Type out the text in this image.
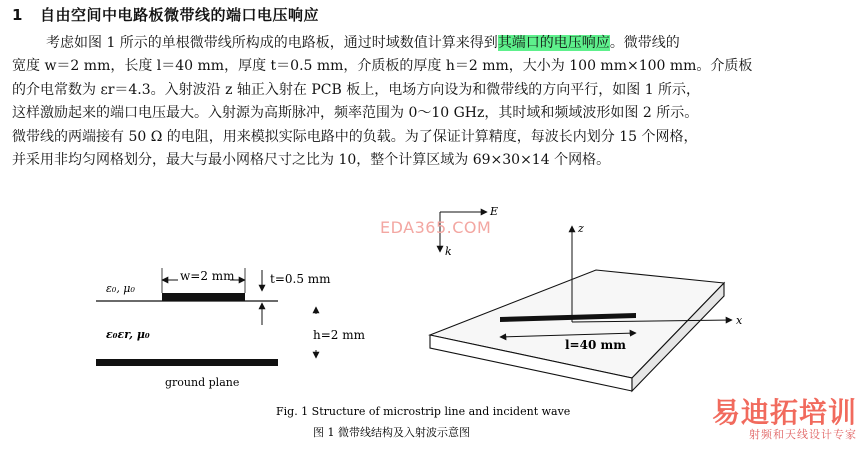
1 自由空间中电路板微带线的端口电压响应
考虑如图 1 所示的单根微带线所构成的电路板，通过时域数值计算来得到其端口的电压响应。微带线的
宽度 w＝2 mm，长度 l＝40 mm，厚度 t＝0.5 mm，介质板的厚度 h＝2 mm，大小为 100 mm×100 mm。介质板
的介电常数为 εr＝4.3。入射波沿 z 轴正入射在 PCB 板上，电场方向设为和微带线的方向平行，如图 1 所示，
这样激励起来的端口电压最大。入射源为高斯脉冲，频率范围为 0～10 GHz，其时域和频域波形如图 2 所示。
微带线的两端接有 50 Ω 的电阻，用来模拟实际电路中的负载。为了保证计算精度，每波长内划分 15 个网格，
并采用非均匀网格划分，最大与最小网格尺寸之比为 10，整个计算区域为 69×30×14 个网格。
w=2 mm	t=0.5 mm
h=2 mm
ε₀, μ₀
ε₀εr, μ₀
ground plane
E
k
EDA365.COM	z
x
l=40 mm
Fig. 1 Structure of microstrip line and incident wave
图 1 微带线结构及入射波示意图
易迪拓培训
射频和天线设计专家
